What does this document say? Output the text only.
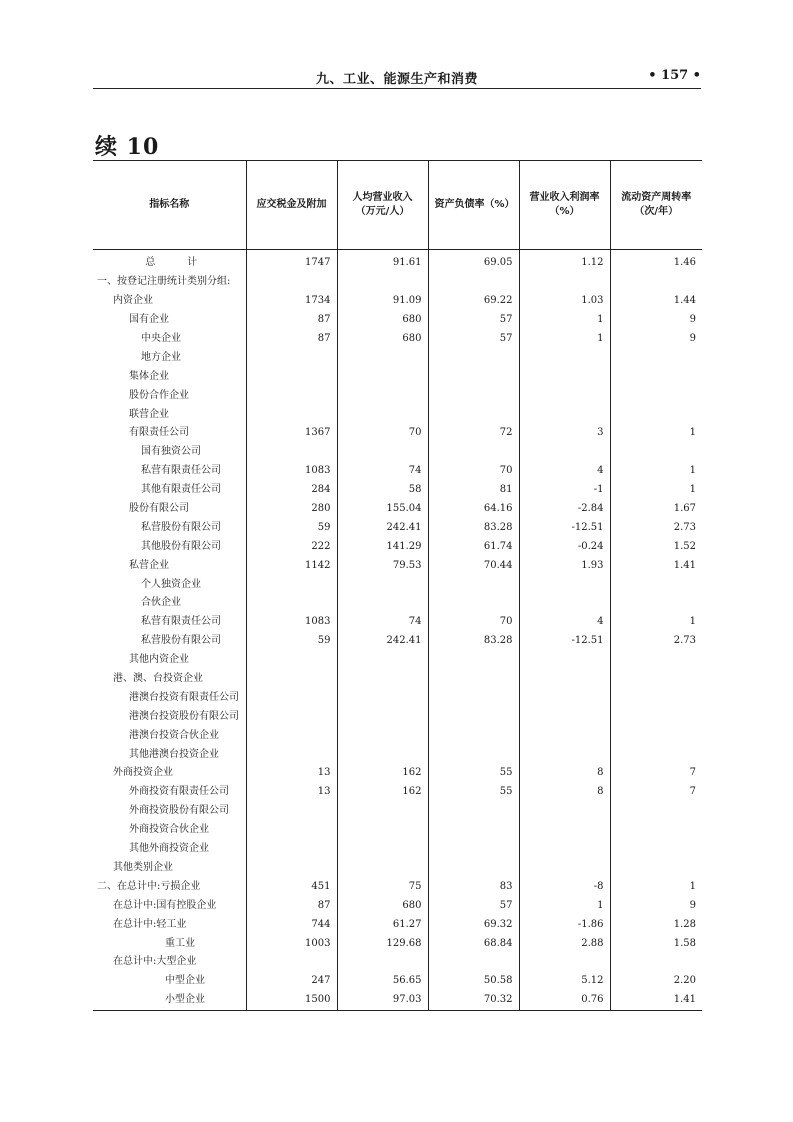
九、工业、能源生产和消费	• 157 •
续 10
指标名称	应交税金及附加	人均营业收入（万元/人）	资产负债率（%）	营业收入利润率（%）	流动资产周转率（次/年）
总          计	1747	91.61	69.05	1.12	1.46
一、按登记注册统计类别分组:					
内资企业	1734	91.09	69.22	1.03	1.44
国有企业	87	680	57	1	9
中央企业	87	680	57	1	9
地方企业					
集体企业					
股份合作企业					
联营企业					
有限责任公司	1367	70	72	3	1
国有独资公司					
私营有限责任公司	1083	74	70	4	1
其他有限责任公司	284	58	81	-1	1
股份有限公司	280	155.04	64.16	-2.84	1.67
私营股份有限公司	59	242.41	83.28	-12.51	2.73
其他股份有限公司	222	141.29	61.74	-0.24	1.52
私营企业	1142	79.53	70.44	1.93	1.41
个人独资企业					
合伙企业					
私营有限责任公司	1083	74	70	4	1
私营股份有限公司	59	242.41	83.28	-12.51	2.73
其他内资企业					
港、澳、台投资企业					
港澳台投资有限责任公司					
港澳台投资股份有限公司					
港澳台投资合伙企业					
其他港澳台投资企业					
外商投资企业	13	162	55	8	7
外商投资有限责任公司	13	162	55	8	7
外商投资股份有限公司					
外商投资合伙企业					
其他外商投资企业					
其他类别企业					
二、在总计中:亏损企业	451	75	83	-8	1
在总计中:国有控股企业	87	680	57	1	9
在总计中:轻工业	744	61.27	69.32	-1.86	1.28
重工业	1003	129.68	68.84	2.88	1.58
在总计中:大型企业					
中型企业	247	56.65	50.58	5.12	2.20
小型企业	1500	97.03	70.32	0.76	1.41
